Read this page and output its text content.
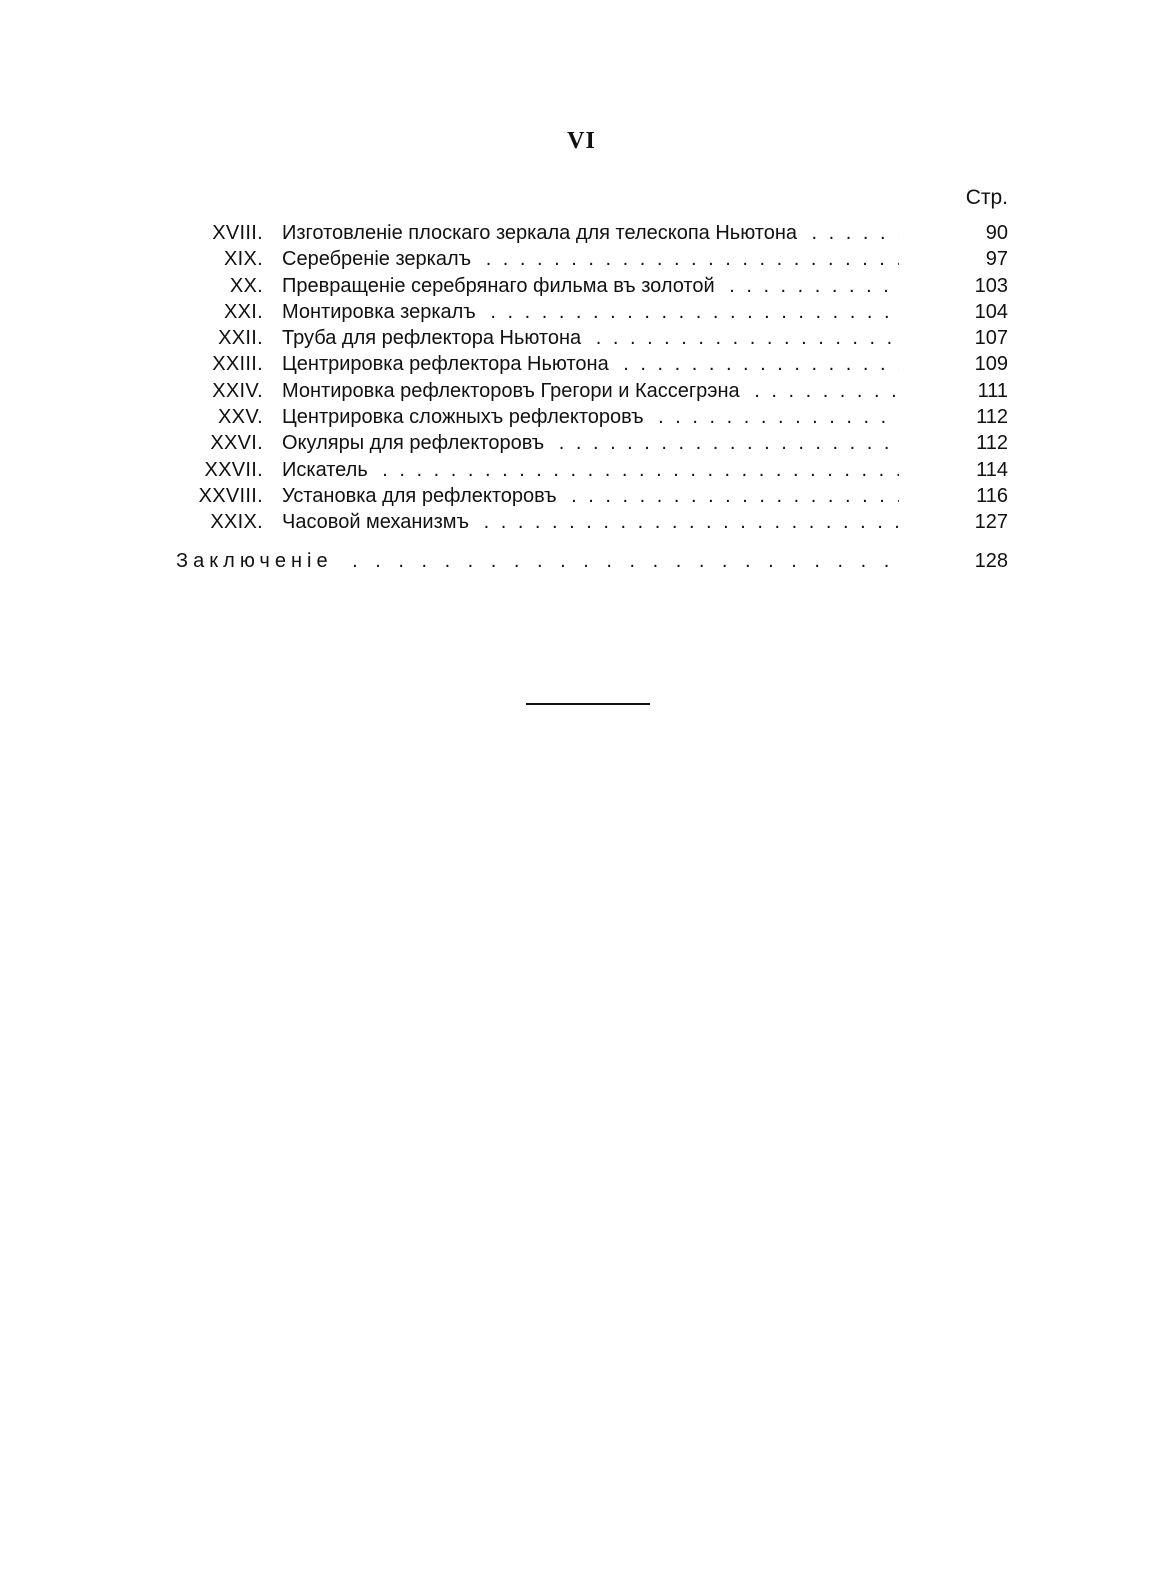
VI
Стр.
XVIII. Изготовленіе плоскаго зеркала для телескопа Ньютона . . .	90
XIX. Серебреніе зеркалъ . . .	97
XX. Превращеніе серебрянаго фильма въ золотой . . .	103
XXI. Монтировка зеркалъ . . .	104
XXII. Труба для рефлектора Ньютона . . .	107
XXIII. Центрировка рефлектора Ньютона . . .	109
XXIV. Монтировка рефлекторовъ Грегори и Кассегрэна . . .	111
XXV. Центрировка сложныхъ рефлекторовъ . . .	112
XXVI. Окуляры для рефлекторовъ . . .	112
XXVII. Искатель . . .	114
XXVIII. Установка для рефлекторовъ . . .	116
XXIX. Часовой механизмъ . . .	127
Заключеніе . . .	128
